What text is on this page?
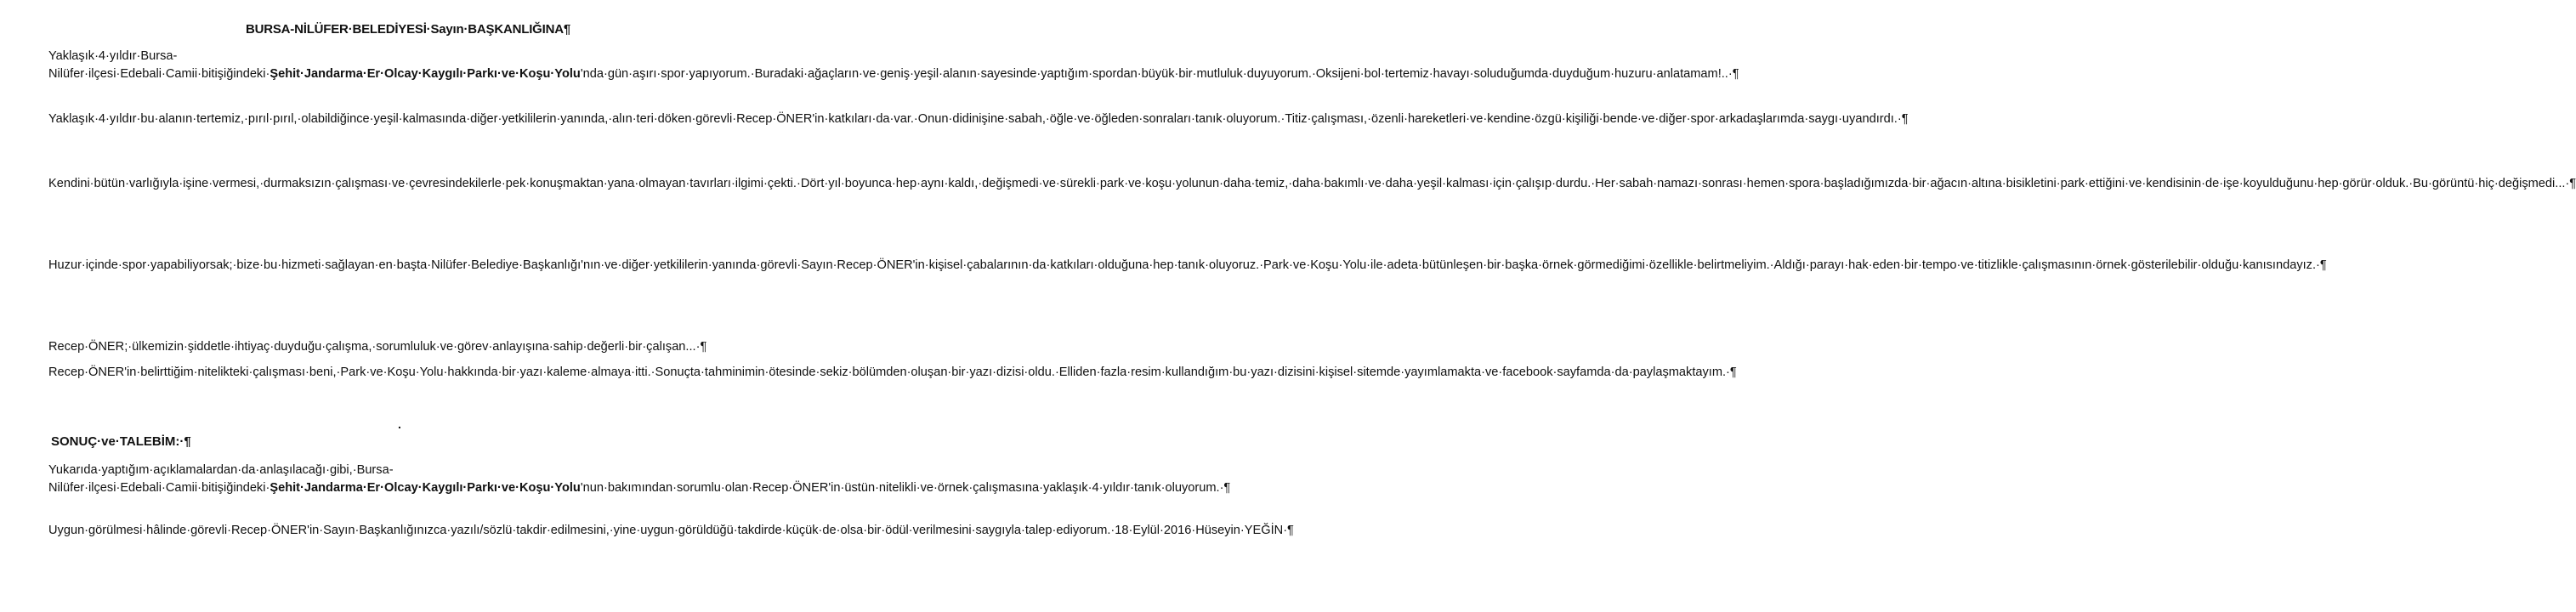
BURSA-NİLÜFER·BELEDİYESİ·Sayın·BAŞKANLIĞINA¶

Yaklaşık·4·yıldır·Bursa-Nilüfer·ilçesi·Edebali·Camii·bitişiğindeki·Şehit·Jandarma·Er·Olcay·Kaygılı·Parkı·ve·Koşu·Yolu'nda·gün·aşırı·spor·yapıyorum.·Buradaki·ağaçların·ve·geniş·yeşil·alanın·sayesinde·yaptığım·spordan·büyük·bir·mutluluk·duyuyorum.·Oksijeni·bol·tertemiz·havayı·soluduğumda·duyduğum·huzuru·anlatamam!..·¶

Yaklaşık·4·yıldır·bu·alanın·tertemiz,·pırıl·pırıl,·olabildiğince·yeşil·kalmasında·diğer·yetkililerin·yanında,·alın·teri·döken·görevli·Recep·ÖNER'in·katkıları·da·var.·Onun·didinişine·sabah,·öğle·ve·öğleden·sonraları·tanık·oluyorum.·Titiz·çalışması,·özenli·hareketleri·ve·kendine·özgü·kişiliği·bende·ve·diğer·spor·arkadaşlarımda·saygı·uyandırdı.·¶

Kendini·bütün·varlığıyla·işine·vermesi,·durmaksızın·çalışması·ve·çevresindekilerle·pek·konuşmaktan·yana·olmayan·tavırları·ilgimi·çekti.·Dört·yıl·boyunca·hep·aynı·kaldı,·değişmedi·ve·sürekli·park·ve·koşu·yolunun·daha·temiz,·daha·bakımlı·ve·daha·yeşil·kalması·için·çalışıp·durdu.·Her·sabah·namazı·sonrası·hemen·spora·başladığımızda·bir·ağacın·altına·bisikletini·park·ettiğini·ve·kendisinin·de·işe·koyulduğunu·hep·görür·olduk.·Bu·görüntü·hiç·değişmedi...·¶

Huzur·içinde·spor·yapabiliyorsak;·bize·bu·hizmeti·sağlayan·en·başta·Nilüfer·Belediye·Başkanlığı'nın·ve·diğer·yetkililerin·yanında·görevli·Sayın·Recep·ÖNER'in·kişisel·çabalarının·da·katkıları·olduğuna·hep·tanık·oluyoruz.·Park·ve·Koşu·Yolu·ile·adeta·bütünleşen·bir·başka·örnek·görmediğimi·özellikle·belirtmeliyim.·Aldığı·parayı·hak·eden·bir·tempo·ve·titizlikle·çalışmasının·örnek·gösterilebilir·olduğu·kanısındayız.·¶

Recep·ÖNER;·ülkemizin·şiddetle·ihtiyaç·duyduğu·çalışma,·sorumluluk·ve·görev·anlayışına·sahip·değerli·bir·çalışan...·¶

Recep·ÖNER'in·belirttiğim·nitelikteki·çalışması·beni,·Park·ve·Koşu·Yolu·hakkında·bir·yazı·kaleme·almaya·itti.·Sonuçta·tahminimin·ötesinde·sekiz·bölümden·oluşan·bir·yazı·dizisi·oldu.·Elliden·fazla·resim·kullandığım·bu·yazı·dizisini·kişisel·sitemde·yayımlamakta·ve·facebook·sayfamda·da·paylaşmaktayım.·¶

.
SONUÇ·ve·TALEBİM:·¶

Yukarıda·yaptığım·açıklamalardan·da·anlaşılacağı·gibi,·Bursa-Nilüfer·ilçesi·Edebali·Camii·bitişiğindeki·Şehit·Jandarma·Er·Olcay·Kaygılı·Parkı·ve·Koşu·Yolu'nun·bakımından·sorumlu·olan·Recep·ÖNER'in·üstün·nitelikli·ve·örnek·çalışmasına·yaklaşık·4·yıldır·tanık·oluyorum.·¶

Uygun·görülmesi·hâlinde·görevli·Recep·ÖNER'in·Sayın·Başkanlığınızca·yazılı/sözlü·takdir·edilmesini,·yine·uygun·görüldüğü·takdirde·küçük·de·olsa·bir·ödül·verilmesini·saygıyla·talep·ediyorum.·18·Eylül·2016·Hüseyin·YEĞİN·¶
